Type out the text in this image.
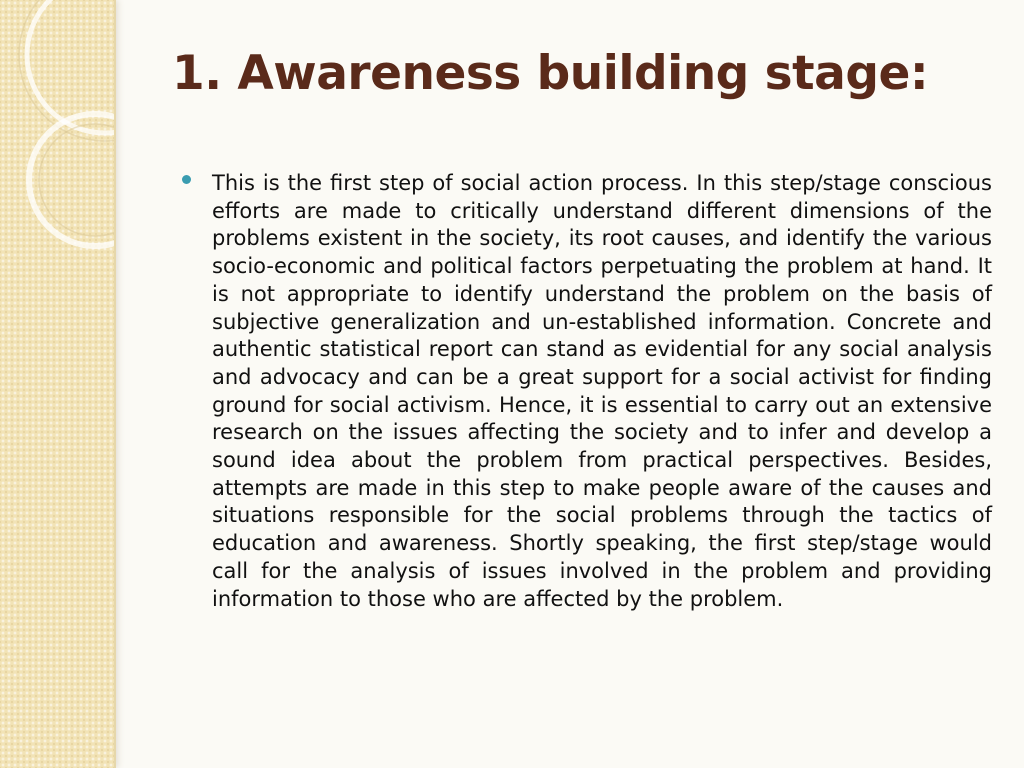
1. Awareness building stage:

This is the first step of social action process. In this step/stage conscious efforts are made to critically understand different dimensions of the problems existent in the society, its root causes, and identify the various socio-economic and political factors perpetuating the problem at hand. It is not appropriate to identify understand the problem on the basis of subjective generalization and un-established information. Concrete and authentic statistical report can stand as evidential for any social analysis and advocacy and can be a great support for a social activist for finding ground for social activism. Hence, it is essential to carry out an extensive research on the issues affecting the society and to infer and develop a sound idea about the problem from practical perspectives. Besides, attempts are made in this step to make people aware of the causes and situations responsible for the social problems through the tactics of education and awareness. Shortly speaking, the first step/stage would call for the analysis of issues involved in the problem and providing information to those who are affected by the problem.
